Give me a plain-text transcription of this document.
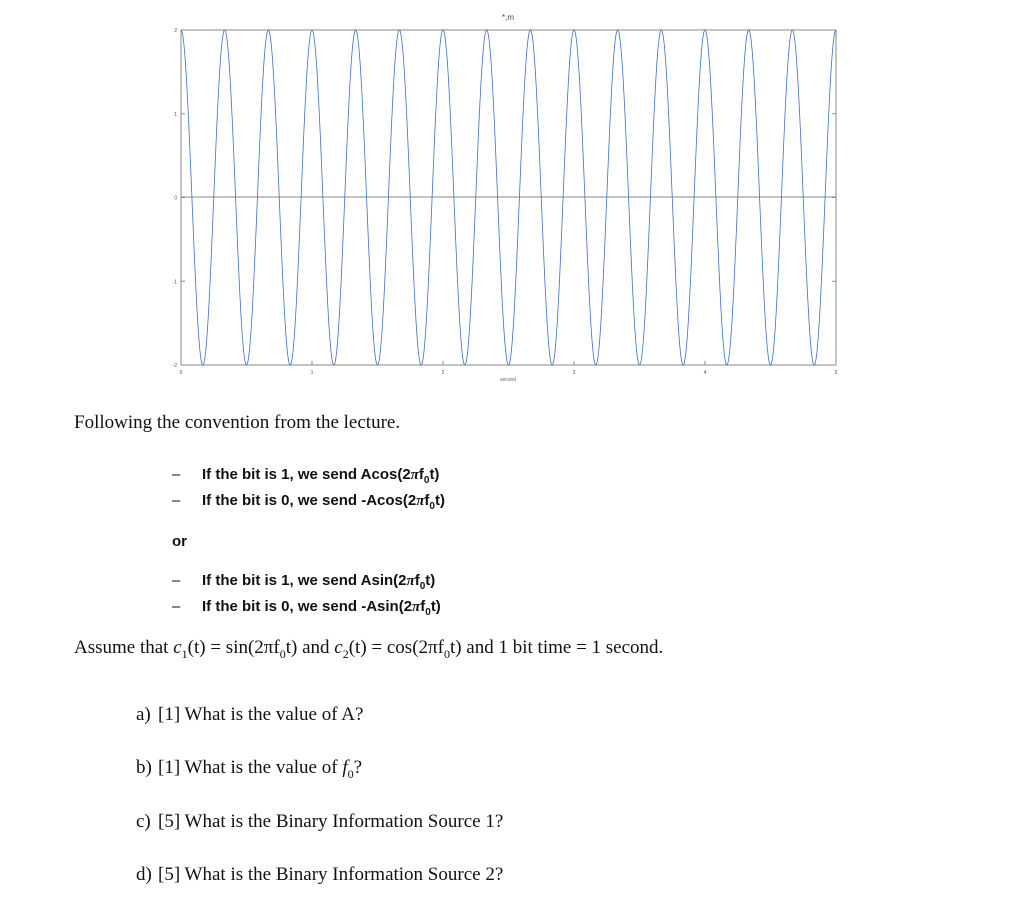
0	1	2	3	4	5
2
1
0
-1
-2
*,m
second
Following the convention from the lecture.
– If the bit is 1, we send $Acos(2\pi f_0t)$
– If the bit is 0, we send $-Acos(2\pi f_0t)$
or
– If the bit is 1, we send $Asin(2\pi f_0t)$
– If the bit is 0, we send $-Asin(2\pi f_0t)$
Assume that $c_1(t) = \sin(2\pi f_0t)$ and $c_2(t) = \cos(2\pi f_0t)$ and 1 bit time = 1 second.
a) [1] What is the value of A?
b) [1] What is the value of $f_0$?
c) [5] What is the Binary Information Source 1?
d) [5] What is the Binary Information Source 2?
